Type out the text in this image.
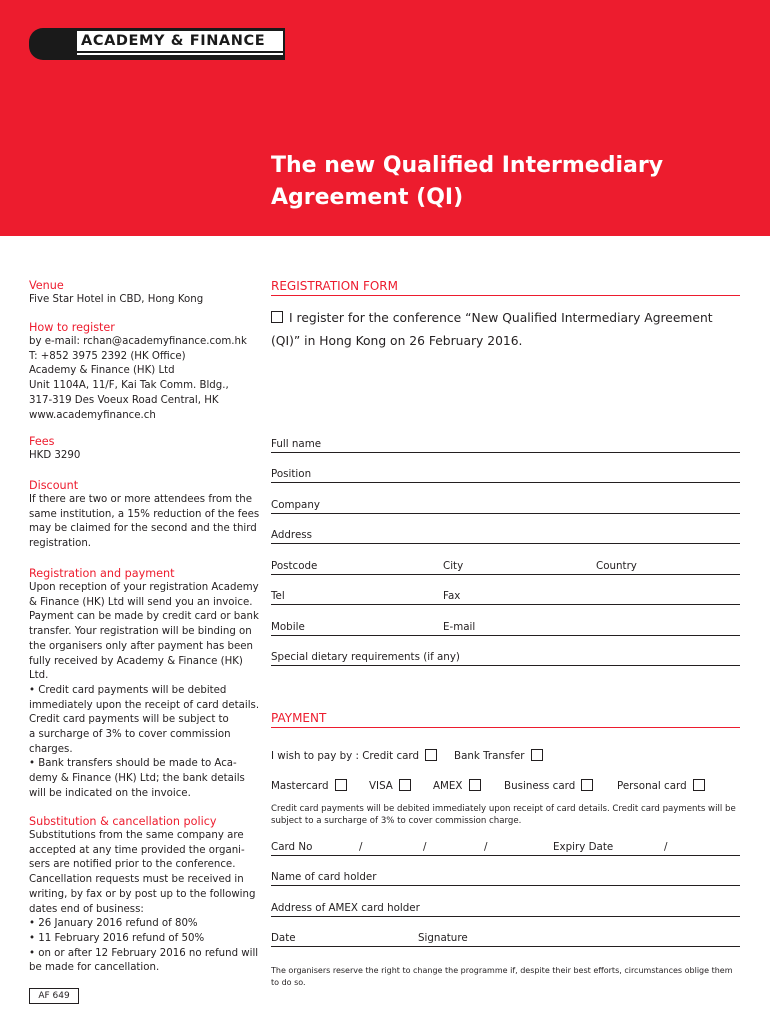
ACADEMY & FINANCE
The new Qualified Intermediary
Agreement (QI)
Venue

Five Star Hotel in CBD, Hong Kong

How to register

by e-mail: rchan@academyfinance.com.hk

T: +852 3975 2392 (HK Office)

Academy & Finance (HK) Ltd

Unit 1104A, 11/F, Kai Tak Comm. Bldg.,

317-319 Des Voeux Road Central, HK

www.academyfinance.ch

Fees

HKD 3290

Discount

If there are two or more attendees from the

same institution, a 15% reduction of the fees

may be claimed for the second and the third

registration.

Registration and payment

Upon reception of your registration Academy

& Finance (HK) Ltd will send you an invoice.

Payment can be made by credit card or bank

transfer. Your registration will be binding on

the organisers only after payment has been

fully received by Academy & Finance (HK)

Ltd.

• Credit card payments will be debited

immediately upon the receipt of card details.

Credit card payments will be subject to

a surcharge of 3% to cover commission

charges.

• Bank transfers should be made to Aca-

demy & Finance (HK) Ltd; the bank details

will be indicated on the invoice.

Substitution & cancellation policy

Substitutions from the same company are

accepted at any time provided the organi-

sers are notified prior to the conference.

Cancellation requests must be received in

writing, by fax or by post up to the following

dates end of business:

• 26 January 2016 refund of 80%

• 11 February 2016 refund of 50%

• on or after 12 February 2016 no refund will

be made for cancellation.

AF 649
REGISTRATION FORM
I register for the conference “New Qualified Intermediary Agreement
(QI)” in Hong Kong on 26 February 2016.
Full name
Position
Company
Address
Postcode	City	Country
Tel	Fax
Mobile	E-mail
Special dietary requirements (if any)
PAYMENT
I wish to pay by : Credit card	Bank Transfer
Mastercard	VISA	AMEX	Business card	Personal card
Credit card payments will be debited immediately upon receipt of card details. Credit card payments will be subject to a surcharge of 3% to cover commission charge.
Card No	/	/	/	Expiry Date	/
Name of card holder
Address of AMEX card holder
Date	Signature
The organisers reserve the right to change the programme if, despite their best efforts, circumstances oblige them to do so.
